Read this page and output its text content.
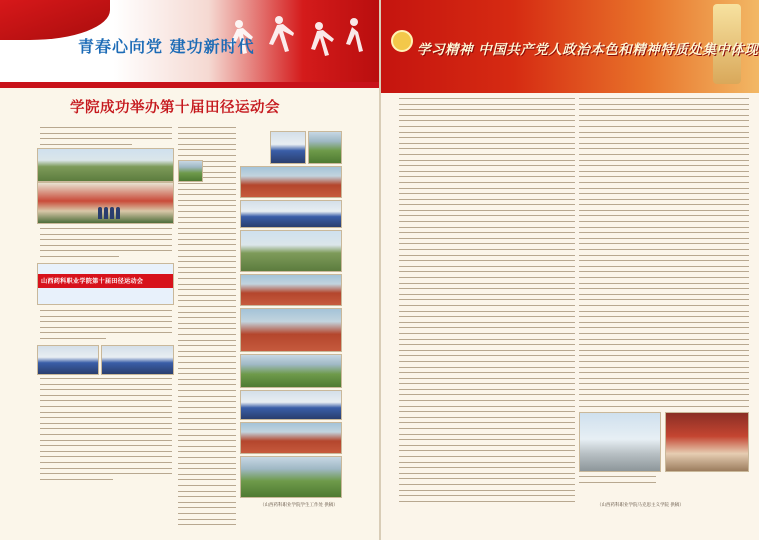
青春心向党 建功新时代
学院成功举办第十届田径运动会
山西药科职业学院第十届田径运动会
（山西药科职业学院学生工作处 供稿）
学习精神 中国共产党人政治本色和精神特质处集中体现
（山西药科职业学院马克思主义学院 供稿）
